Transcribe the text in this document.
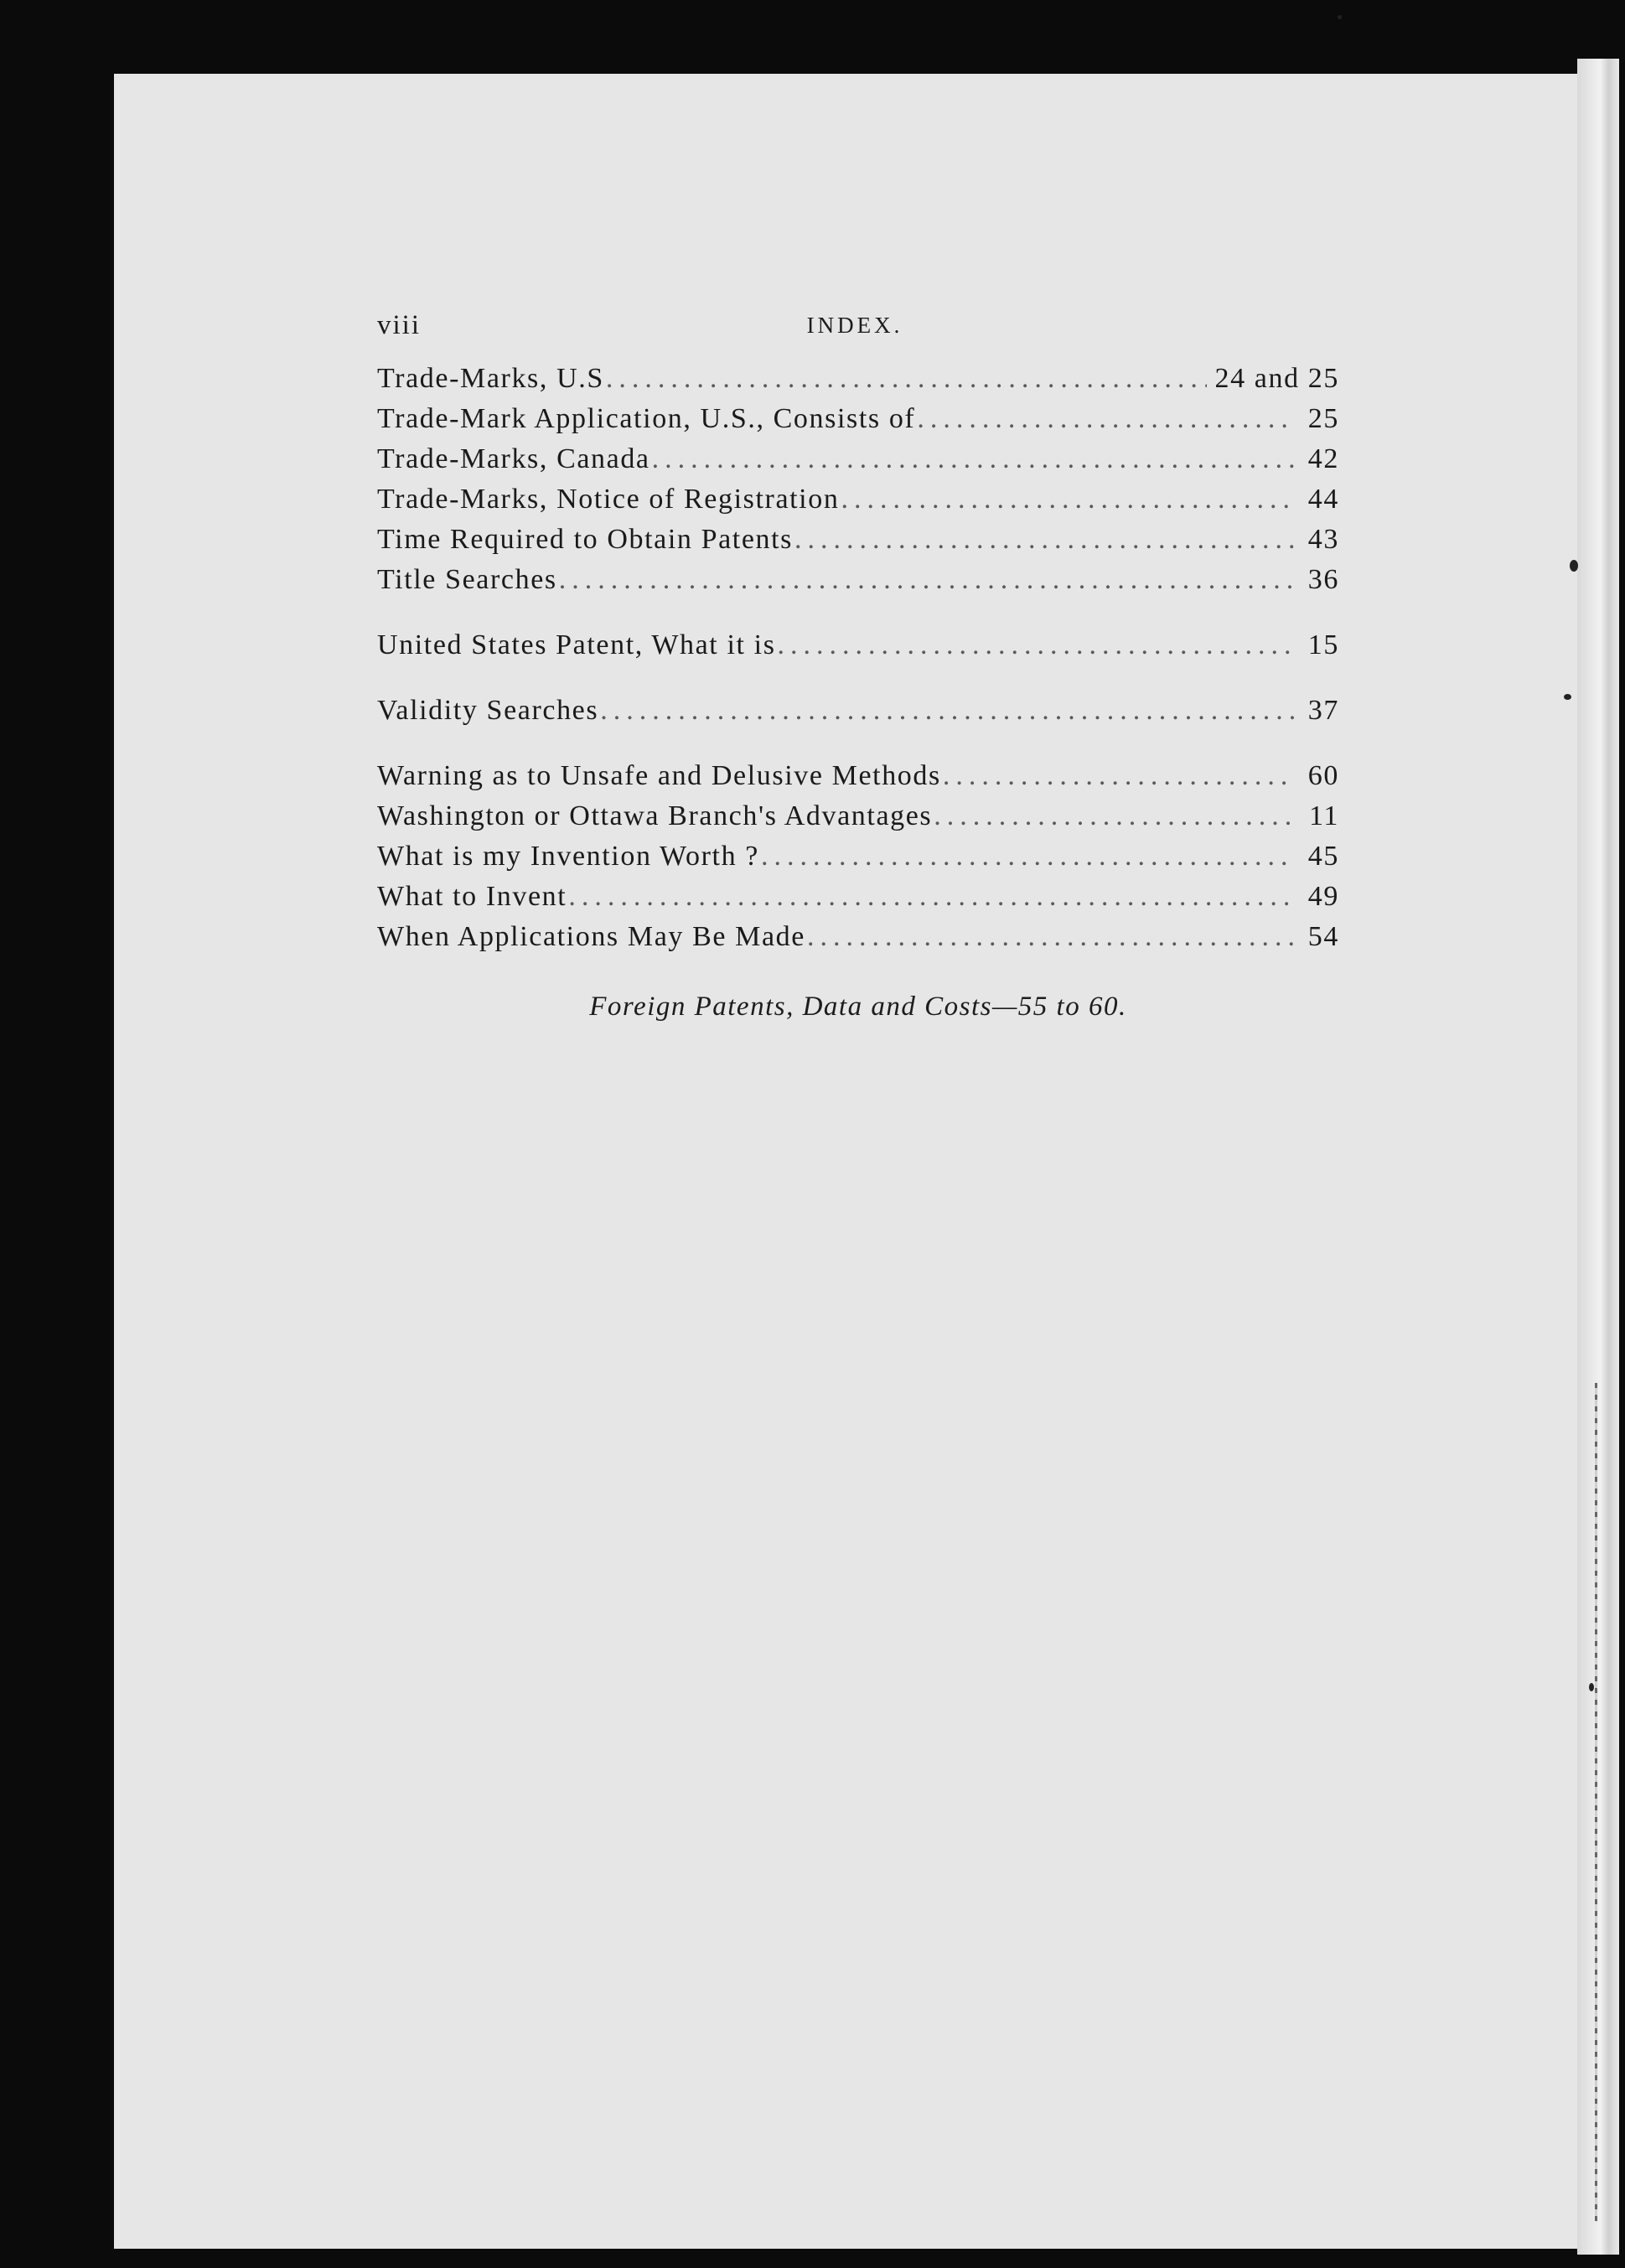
viii	INDEX.
Trade-Marks, U.S .....	24 and 25
Trade-Mark Application, U.S., Consists of .....	25
Trade-Marks, Canada .....	42
Trade-Marks, Notice of Registration .....	44
Time Required to Obtain Patents .....	43
Title Searches .....	36
United States Patent, What it is .....	15
Validity Searches .....	37
Warning as to Unsafe and Delusive Methods .....	60
Washington or Ottawa Branch's Advantages .....	11
What is my Invention Worth ? .....	45
What to Invent .....	49
When Applications May Be Made .....	54
Foreign Patents, Data and Costs—55 to 60.
